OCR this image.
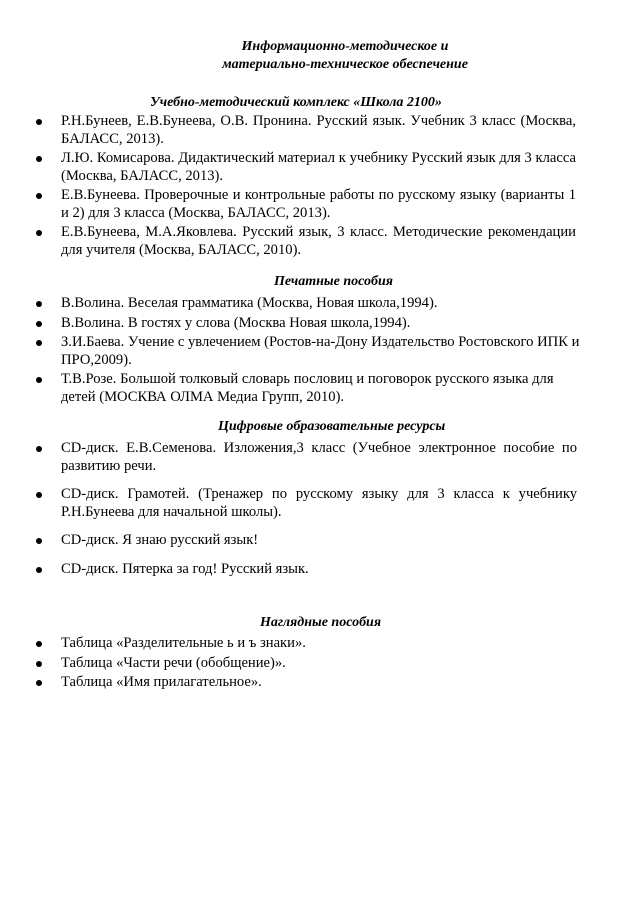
Информационно-методическое и
материально-техническое обеспечение
Учебно-методический комплекс «Школа 2100»
Р.Н.Бунеев, Е.В.Бунеева, О.В. Пронина. Русский язык. Учебник 3 класс (Москва, БАЛАСС, 2013).
Л.Ю. Комисарова. Дидактический материал к учебнику Русский язык для 3 класса (Москва, БАЛАСС, 2013).
Е.В.Бунеева. Проверочные и контрольные работы по русскому языку (варианты 1 и 2) для 3 класса (Москва, БАЛАСС, 2013).
Е.В.Бунеева, М.А.Яковлева. Русский язык, 3 класс. Методические рекомендации для учителя (Москва, БАЛАСС, 2010).
Печатные пособия
В.Волина. Веселая грамматика (Москва, Новая школа,1994).
В.Волина. В гостях у слова (Москва Новая школа,1994).
З.И.Баева. Учение с увлечением (Ростов-на-Дону Издательство Ростовского ИПК и ПРО,2009).
Т.В.Розе. Большой толковый словарь пословиц и поговорок русского языка для детей (МОСКВА ОЛМА Медиа Групп, 2010).
Цифровые образовательные ресурсы
CD-диск. Е.В.Семенова. Изложения,3 класс (Учебное электронное пособие по развитию речи.
CD-диск. Грамотей. (Тренажер по русскому языку для 3 класса к учебнику Р.Н.Бунеева для начальной школы).
CD-диск. Я знаю русский язык!
CD-диск. Пятерка за год! Русский язык.
Наглядные пособия
Таблица «Разделительные ь и ъ знаки».
Таблица «Части речи (обобщение)».
Таблица «Имя прилагательное».
